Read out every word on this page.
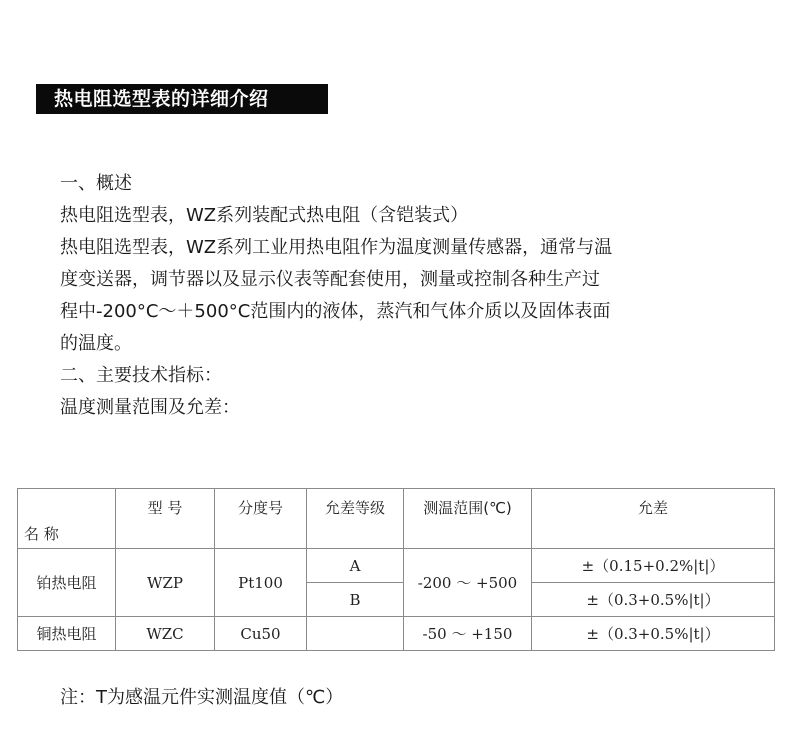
热电阻选型表的详细介绍

一、概述

热电阻选型表，WZ系列装配式热电阻（含铠装式）

热电阻选型表，WZ系列工业用热电阻作为温度测量传感器，通常与温

度变送器，调节器以及显示仪表等配套使用，测量或控制各种生产过

程中-200°C～＋500°C范围内的液体，蒸汽和气体介质以及固体表面

的温度。

二、主要技术指标：

温度测量范围及允差：

名 称	型 号	分度号	允差等级	测温范围(℃)	允差
铂热电阻	WZP	Pt100	A	-200 ～ +500	±（0.15+0.2%|t|）
			B		±（0.3+0.5%|t|）
铜热电阻	WZC	Cu50		-50 ～ +150	±（0.3+0.5%|t|）
注：T为感温元件实测温度值（℃）
